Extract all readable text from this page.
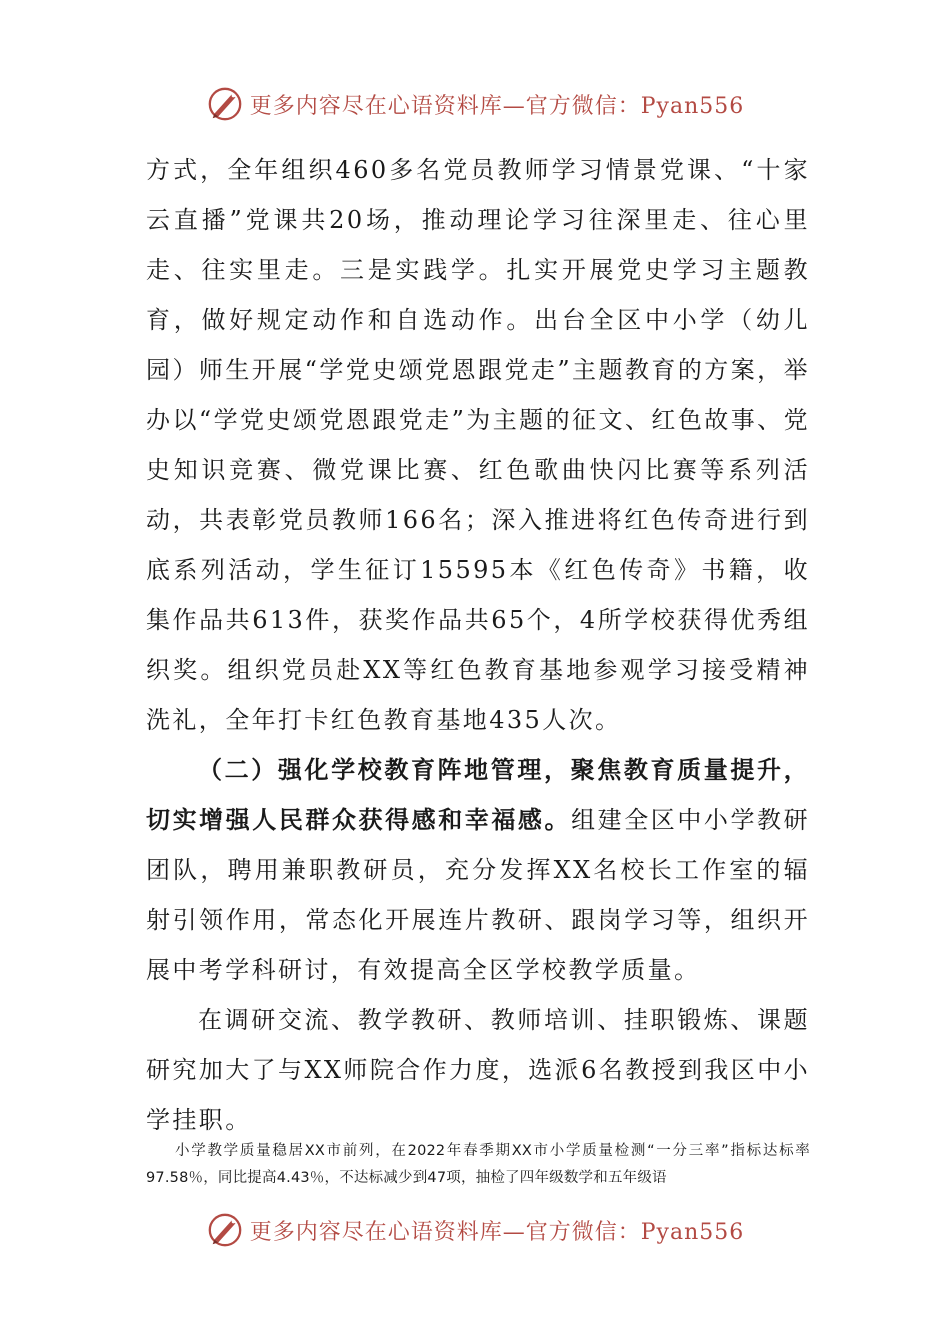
更多内容尽在心语资料库—官方微信：Pyan556

方式，全年组织460多名党员教师学习情景党课、“十家云直播”党课共20场，推动理论学习往深里走、往心里走、往实里走。三是实践学。扎实开展党史学习主题教育，做好规定动作和自选动作。出台全区中小学（幼儿园）师生开展“学党史颂党恩跟党走”主题教育的方案，举办以“学党史颂党恩跟党走”为主题的征文、红色故事、党史知识竞赛、微党课比赛、红色歌曲快闪比赛等系列活动，共表彰党员教师166名；深入推进将红色传奇进行到底系列活动，学生征订15595本《红色传奇》书籍，收集作品共613件，获奖作品共65个，4所学校获得优秀组织奖。组织党员赴XX等红色教育基地参观学习接受精神洗礼，全年打卡红色教育基地435人次。

（二）强化学校教育阵地管理，聚焦教育质量提升，切实增强人民群众获得感和幸福感。组建全区中小学教研团队，聘用兼职教研员，充分发挥XX名校长工作室的辐射引领作用，常态化开展连片教研、跟岗学习等，组织开展中考学科研讨，有效提高全区学校教学质量。

在调研交流、教学教研、教师培训、挂职锻炼、课题研究加大了与XX师院合作力度，选派6名教授到我区中小学挂职。

小学教学质量稳居XX市前列，在2022年春季期XX市小学质量检测“一分三率”指标达标率97.58％，同比提高4.43％，不达标减少到47项，抽检了四年级数学和五年级语

更多内容尽在心语资料库—官方微信：Pyan556
